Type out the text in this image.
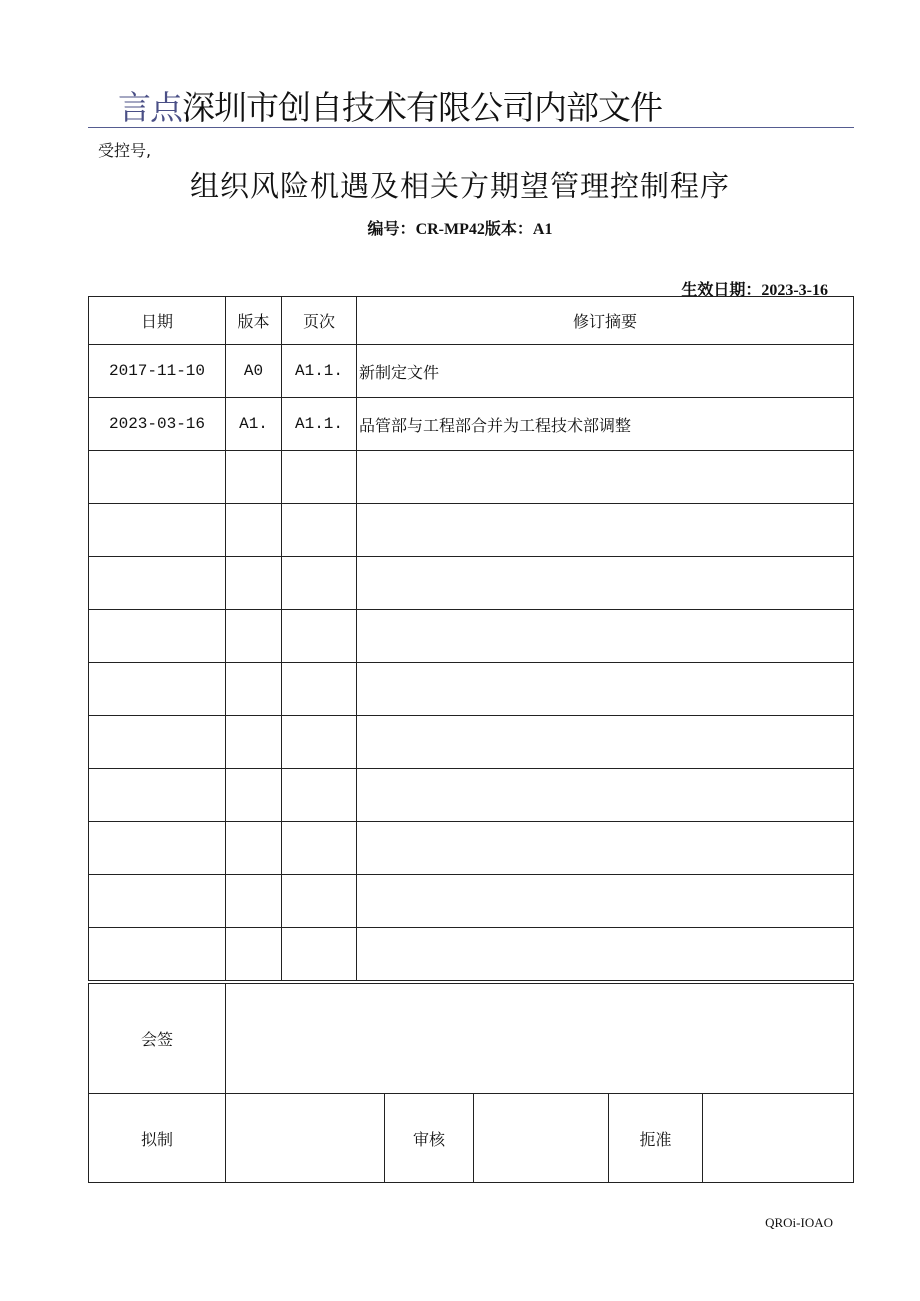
言点深圳市创自技术有限公司内部文件
受控号,
组织风险机遇及相关方期望管理控制程序
编号：CR-MP42版本：A1
生效日期：2023-3-16
日期	版本	页次	修订摘要
2017-11-10	A0	A1.1.	新制定文件
2023-03-16	A1.	A1.1.	品管部与工程部合并为工程技术部调整

会签					
拟制		审核		扼准	
QROi-IOAO
